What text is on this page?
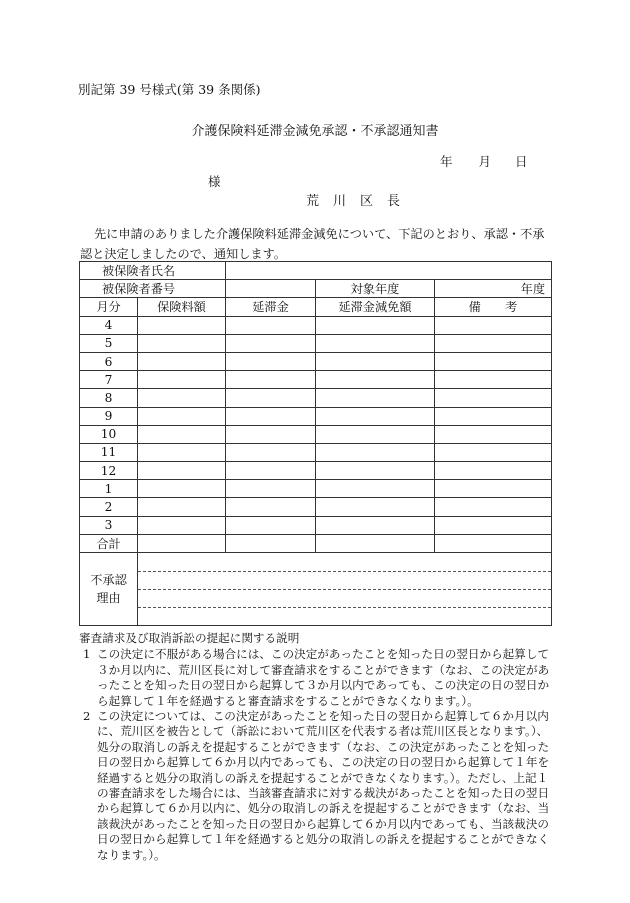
別記第 39 号様式(第 39 条関係)
介護保険料延滞金減免承認・不承認通知書
年 月 日
様
荒川区長
先に申請のありました介護保険料延滞金減免について、下記のとおり、承認・不承認と決定しましたので、通知します。
被保険者氏名				
被保険者番号			対象年度	年度
月分	保険料額	延滞金	延滞金減免額	備　　考
4				
5				
6				
7				
8				
9				
10				
11				
12				
1				
2				
3				
合計				
不承認
理由				
審査請求及び取消訴訟の提起に関する説明
1 この決定に不服がある場合には、この決定があったことを知った日の翌日から起算して３か月以内に、荒川区長に対して審査請求をすることができます（なお、この決定があったことを知った日の翌日から起算して３か月以内であっても、この決定の日の翌日から起算して１年を経過すると審査請求をすることができなくなります。）。
2 この決定については、この決定があったことを知った日の翌日から起算して６か月以内に、荒川区を被告として（訴訟において荒川区を代表する者は荒川区長となります。）、処分の取消しの訴えを提起することができます（なお、この決定があったことを知った日の翌日から起算して６か月以内であっても、この決定の日の翌日から起算して１年を経過すると処分の取消しの訴えを提起することができなくなります。）。ただし、上記１の審査請求をした場合には、当該審査請求に対する裁決があったことを知った日の翌日から起算して６か月以内に、処分の取消しの訴えを提起することができます（なお、当該裁決があったことを知った日の翌日から起算して６か月以内であっても、当該裁決の日の翌日から起算して１年を経過すると処分の取消しの訴えを提起することができなくなります。）。
